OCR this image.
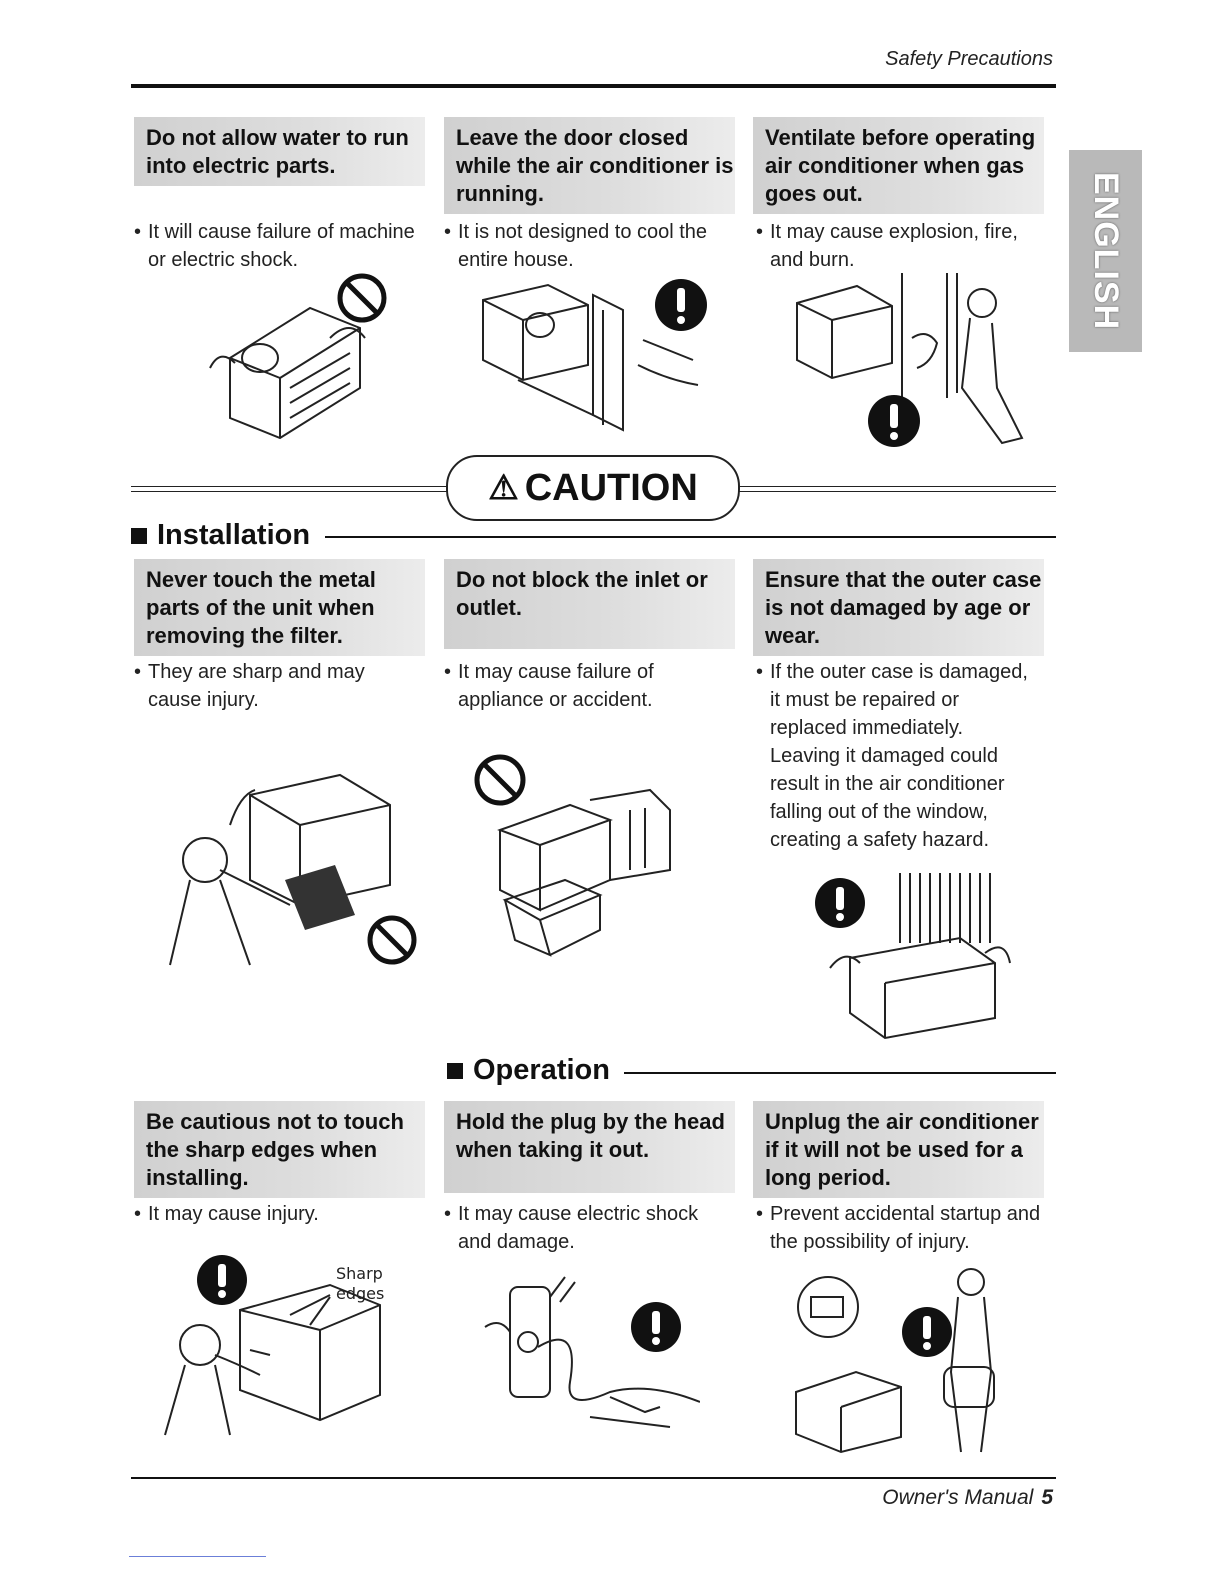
Safety Precautions
ENGLISH
Do not allow water to run into electric parts.
Leave the door closed while the air conditioner is running.
Ventilate before operating air conditioner when gas goes out.
• It will cause failure of machine
or electric shock.
• It is not designed to cool the
entire house.
• It may cause explosion, fire,
and burn.
⚠ CAUTION
Installation
Never touch the metal parts of the unit when removing the filter.
Do not block the inlet or outlet.
Ensure that the outer case is not damaged by age or wear.
• They are sharp and may
cause injury.
• It may cause failure of
appliance or accident.
• If the outer case is damaged,
it must be repaired or
replaced immediately.
Leaving it damaged could
result in the air conditioner
falling out of the window,
creating a safety hazard.
Operation
Be cautious not to touch the sharp edges when installing.
Hold the plug by the head when taking it out.
Unplug the air conditioner if it will not be used for a long period.
• It may cause injury.	• It may cause electric shock
and damage.
• Prevent accidental startup and
the possibility of injury.
Sharp
edges
Owner's Manual 5
